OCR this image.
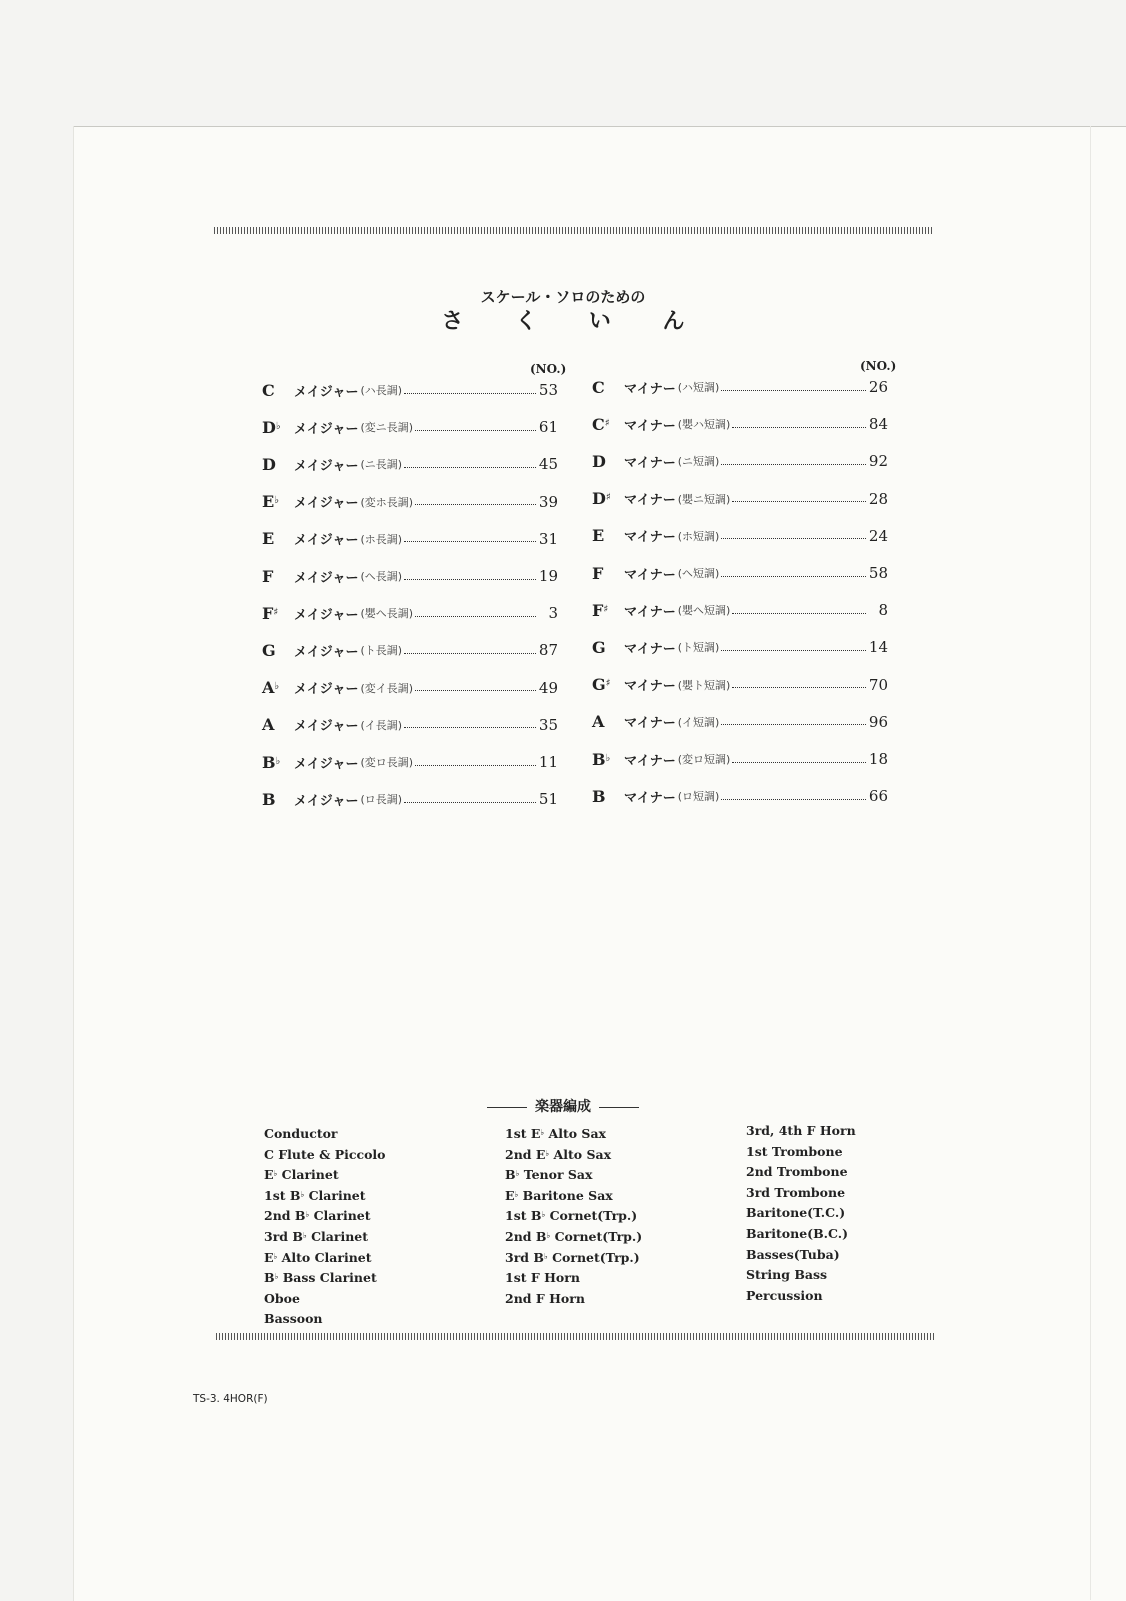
スケール・ソロのための
さ く い ん
(NO.)	(NO.)
C	メイジャー (ハ長調)	53
D♭	メイジャー (変ニ長調)	61
D	メイジャー (ニ長調)	45
E♭	メイジャー (変ホ長調)	39
E	メイジャー (ホ長調)	31
F	メイジャー (ヘ長調)	19
F♯	メイジャー (嬰ヘ長調)	3
G	メイジャー (ト長調)	87
A♭	メイジャー (変イ長調)	49
A	メイジャー (イ長調)	35
B♭	メイジャー (変ロ長調)	11
B	メイジャー (ロ長調)	51
C	マイナー (ハ短調)	26
C♯	マイナー (嬰ハ短調)	84
D	マイナー (ニ短調)	92
D♯	マイナー (嬰ニ短調)	28
E	マイナー (ホ短調)	24
F	マイナー (ヘ短調)	58
F♯	マイナー (嬰ヘ短調)	8
G	マイナー (ト短調)	14
G♯	マイナー (嬰ト短調)	70
A	マイナー (イ短調)	96
B♭	マイナー (変ロ短調)	18
B	マイナー (ロ短調)	66
楽器編成
Conductor
C Flute & Piccolo
E♭ Clarinet
1st B♭ Clarinet
2nd B♭ Clarinet
3rd B♭ Clarinet
E♭ Alto Clarinet
B♭ Bass Clarinet
Oboe
Bassoon
1st E♭ Alto Sax
2nd E♭ Alto Sax
B♭ Tenor Sax
E♭ Baritone Sax
1st B♭ Cornet(Trp.)
2nd B♭ Cornet(Trp.)
3rd B♭ Cornet(Trp.)
1st F Horn
2nd F Horn
3rd, 4th F Horn
1st Trombone
2nd Trombone
3rd Trombone
Baritone(T.C.)
Baritone(B.C.)
Basses(Tuba)
String Bass
Percussion
TS-3. 4HOR(F)
